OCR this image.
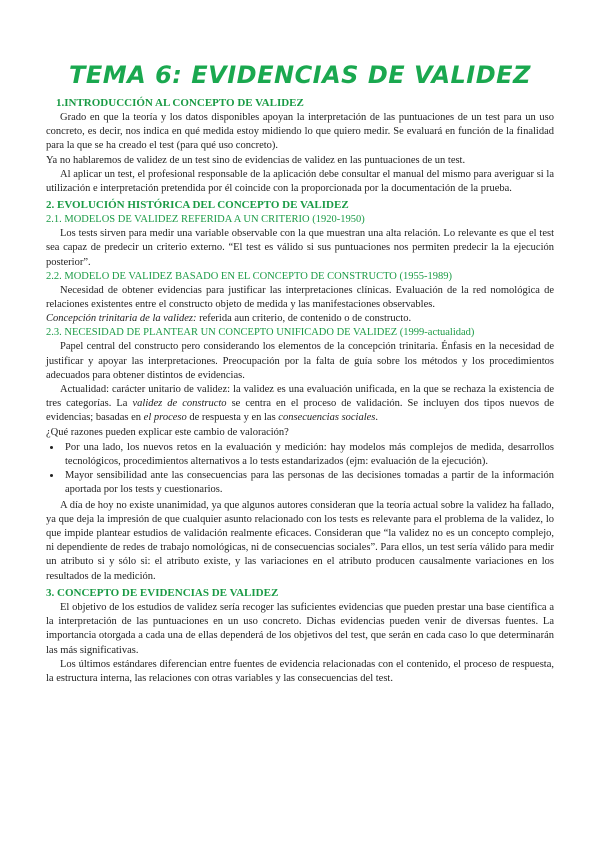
TEMA 6: EVIDENCIAS DE VALIDEZ
1.INTRODUCCIÓN AL CONCEPTO DE VALIDEZ

Grado en que la teoría y los datos disponibles apoyan la interpretación de las puntuaciones de un test para un uso concreto, es decir, nos indica en qué medida estoy midiendo lo que quiero medir. Se evaluará en función de la finalidad para la que se ha creado el test (para qué uso concreto).

Ya no hablaremos de validez de un test sino de evidencias de validez en las puntuaciones de un test.

Al aplicar un test, el profesional responsable de la aplicación debe consultar el manual del mismo para averiguar si la utilización e interpretación pretendida por él coincide con la proporcionada por la documentación de la prueba.

2. EVOLUCIÓN HISTÓRICA DEL CONCEPTO DE VALIDEZ
2.1. MODELOS DE VALIDEZ REFERIDA A UN CRITERIO (1920-1950)

Los tests sirven para medir una variable observable con la que muestran una alta relación. Lo relevante es que el test sea capaz de predecir un criterio externo. “El test es válido si sus puntuaciones nos permiten predecir la la ejecución posterior”.

2.2. MODELO DE VALIDEZ BASADO EN EL CONCEPTO DE CONSTRUCTO (1955-1989)

Necesidad de obtener evidencias para justificar las interpretaciones clínicas. Evaluación de la red nomológica de relaciones existentes entre el constructo objeto de medida y las manifestaciones observables.

Concepción trinitaria de la validez: referida aun criterio, de contenido o de constructo.

2.3. NECESIDAD DE PLANTEAR UN CONCEPTO UNIFICADO DE VALIDEZ (1999-actualidad)

Papel central del constructo pero considerando los elementos de la concepción trinitaria. Énfasis en la necesidad de justificar y apoyar las interpretaciones. Preocupación por la falta de guía sobre los métodos y los procedimientos adecuados para obtener distintos de evidencias.

Actualidad: carácter unitario de validez: la validez es una evaluación unificada, en la que se rechaza la existencia de tres categorías. La validez de constructo se centra en el proceso de validación. Se incluyen dos tipos nuevos de evidencias; basadas en el proceso de respuesta y en las consecuencias sociales.

¿Qué razones pueden explicar este cambio de valoración?

• Por una lado, los nuevos retos en la evaluación y medición: hay modelos más complejos de medida, desarrollos tecnológicos, procedimientos alternativos a lo tests estandarizados (ejm: evaluación de la ejecución).
• Mayor sensibilidad ante las consecuencias para las personas de las decisiones tomadas a partir de la información aportada por los tests y cuestionarios.

A día de hoy no existe unanimidad, ya que algunos autores consideran que la teoría actual sobre la validez ha fallado, ya que deja la impresión de que cualquier asunto relacionado con los tests es relevante para el problema de la validez, lo que impide plantear estudios de validación realmente eficaces. Consideran que “la validez no es un concepto complejo, ni dependiente de redes de trabajo nomológicas, ni de consecuencias sociales”. Para ellos, un test sería válido para medir un atributo si y sólo si: el atributo existe, y las variaciones en el atributo producen causalmente variaciones en los resultados de la medición.

3. CONCEPTO DE EVIDENCIAS DE VALIDEZ

El objetivo de los estudios de validez sería recoger las suficientes evidencias que pueden prestar una base científica a la interpretación de las puntuaciones en un uso concreto. Dichas evidencias pueden venir de diversas fuentes. La importancia otorgada a cada una de ellas dependerá de los objetivos del test, que serán en cada caso lo que determinarán las más significativas.

Los últimos estándares diferencian entre fuentes de evidencia relacionadas con el contenido, el proceso de respuesta, la estructura interna, las relaciones con otras variables y las consecuencias del test.
